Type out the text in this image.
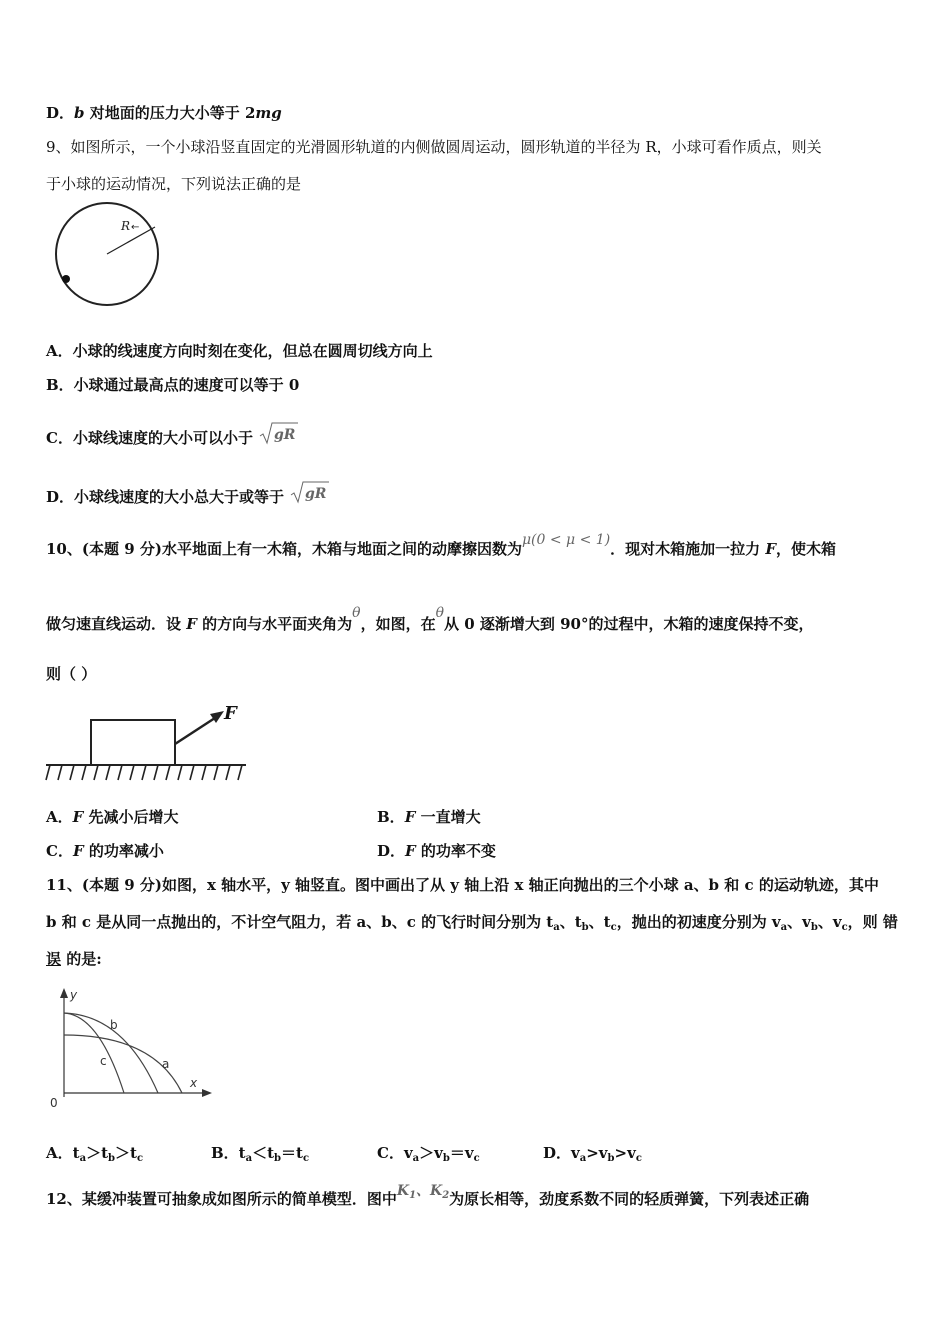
D．b 对地面的压力大小等于 2mg
9、如图所示，一个小球沿竖直固定的光滑圆形轨道的内侧做圆周运动，圆形轨道的半径为 R，小球可看作质点，则关
于小球的运动情况，下列说法正确的是
R ←
A．小球的线速度方向时刻在变化，但总在圆周切线方向上
B．小球通过最高点的速度可以等于 0
C．小球线速度的大小可以小于 gR
D．小球线速度的大小总大于或等于 gR
10、(本题 9 分)水平地面上有一木箱，木箱与地面之间的动摩擦因数为μ(0 < μ < 1)．现对木箱施加一拉力 F，使木箱
做匀速直线运动．设 F 的方向与水平面夹角为θ，如图，在θ从 0 逐渐增大到 90°的过程中，木箱的速度保持不变，
则（ ）
F
A．F 先减小后增大	B．F 一直增大
C．F 的功率减小	D．F 的功率不变
11、(本题 9 分)如图，x 轴水平，y 轴竖直。图中画出了从 y 轴上沿 x 轴正向抛出的三个小球 a、b 和 c 的运动轨迹，其中
b 和 c 是从同一点抛出的，不计空气阻力，若 a、b、c 的飞行时间分别为 $t_a$、$t_b$、$t_c$，抛出的初速度分别为 $v_a$、$v_b$、$v_c$，则 错
误 的是:
y
x
0
a
b
c
A．$t_a>t_b>t_c$	B．$t_a<t_b=t_c$	C．$v_a>v_b=v_c$	D．$v_a>v_b>v_c$
12、某缓冲装置可抽象成如图所示的简单模型．图中$K_1$、$K_2$为原长相等，劲度系数不同的轻质弹簧，下列表述正确
